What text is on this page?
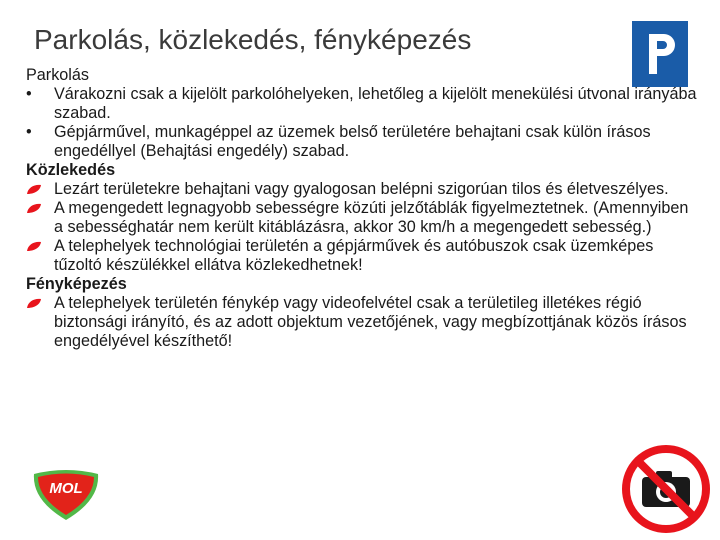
Parkolás, közlekedés, fényképezés
Parkolás
•	Várakozni csak a kijelölt parkolóhelyeken, lehetőleg a kijelölt menekülési útvonal irányába szabad.
•	Gépjárművel, munkagéppel az üzemek belső területére behajtani csak külön írásos engedéllyel (Behajtási engedély) szabad.
Közlekedés
Lezárt területekre behajtani vagy gyalogosan belépni szigorúan tilos és életveszélyes.
A megengedett legnagyobb sebességre közúti jelzőtáblák figyelmeztetnek. (Amennyiben a sebességhatár nem került kitáblázásra, akkor 30 km/h a megengedett sebesség.)
A telephelyek technológiai területén a gépjárművek és autóbuszok csak üzemképes tűzoltó készülékkel ellátva közlekedhetnek!
Fényképezés
A telephelyek területén fénykép vagy videofelvétel csak a területileg illetékes régió biztonsági irányító, és az adott objektum vezetőjének, vagy megbízottjának közös írásos engedélyével készíthető!
MOL
